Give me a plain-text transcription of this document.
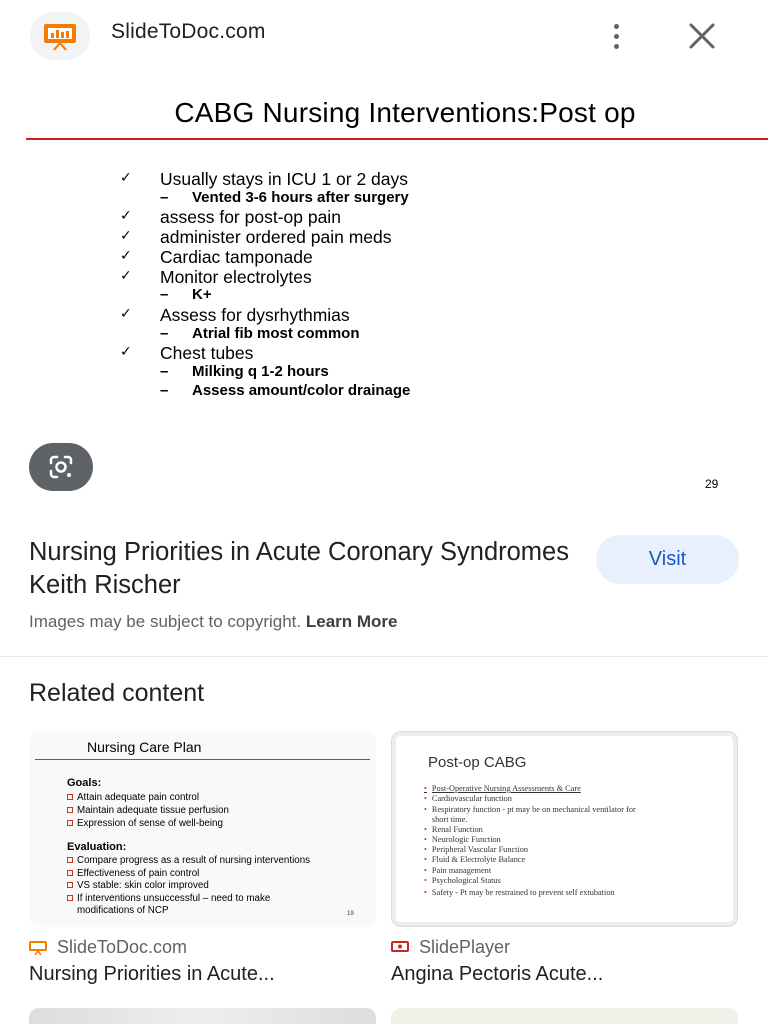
SlideToDoc.com
CABG Nursing Interventions:Post op
✓	Usually stays in ICU 1 or 2 days
–	Vented 3-6 hours after surgery
✓	assess for post-op pain
✓	administer ordered pain meds
✓	Cardiac tamponade
✓	Monitor electrolytes
–	K+
✓	Assess for dysrhythmias
–	Atrial fib most common
✓	Chest tubes
–	Milking q 1-2 hours
–	Assess amount/color drainage
29
Nursing Priorities in Acute Coronary Syndromes Keith Rischer
Visit
Images may be subject to copyright. Learn More
Related content
Nursing Care Plan
Goals:
Evaluation:
19
Attain adequate pain control
Maintain adequate tissue perfusion
Expression of sense of well-being
Compare progress as a result of nursing interventions
Effectiveness of pain control
VS stable: skin color improved
If interventions unsuccessful – need to make
modifications of NCP
Post-op CABG
• Post-Operative Nursing Assessments & Care
• Cardiovascular function
• Respiratory function - pt may be on mechanical ventilator for
short time.
• Renal Function
• Neurologic Function
• Peripheral Vascular Function
• Fluid & Electrolyte Balance
• Pain management
• Psychological Status
• Safety - Pt may be restrained to prevent self extubation
SlideToDoc.com
Nursing Priorities in Acute...
SlidePlayer
Angina Pectoris Acute...
